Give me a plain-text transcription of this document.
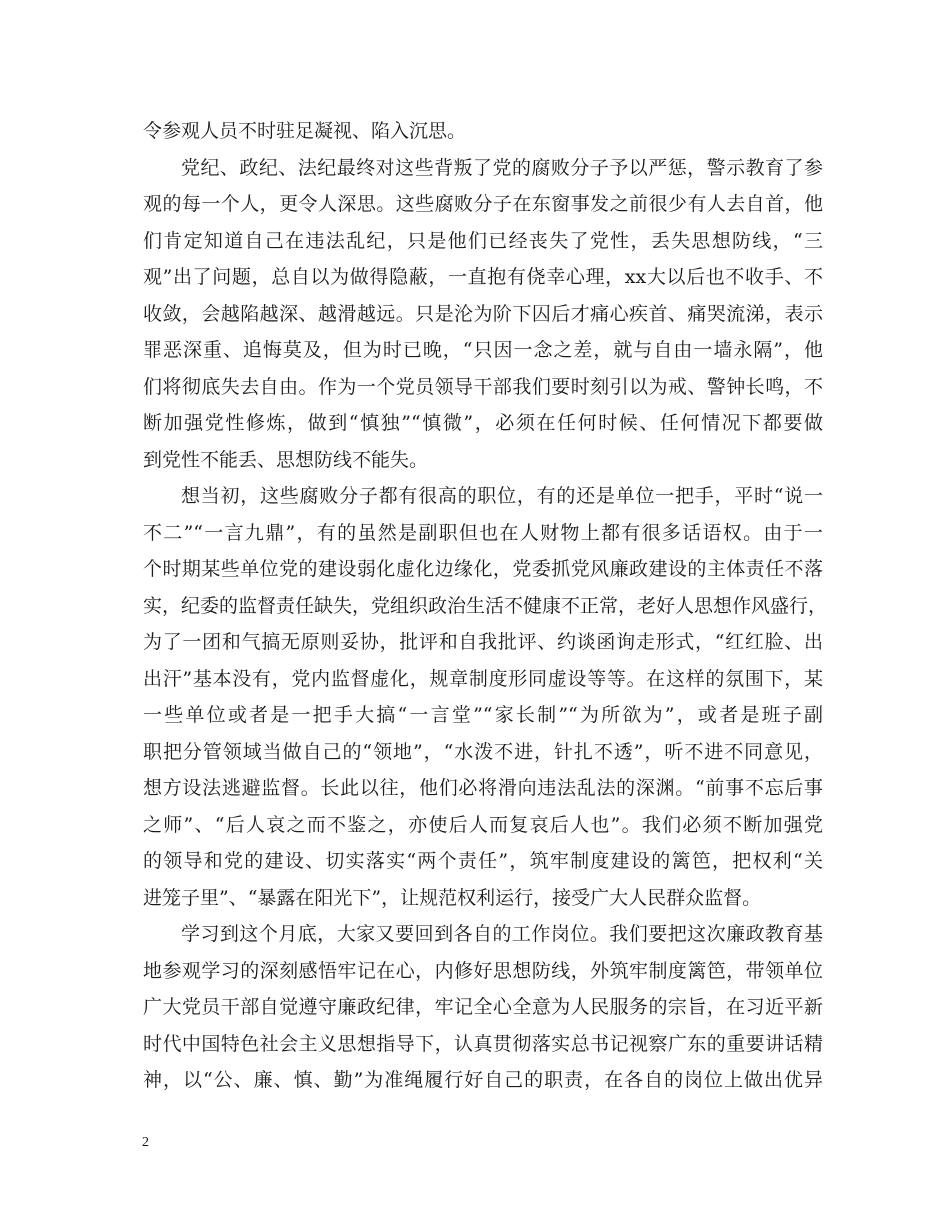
令参观人员不时驻足凝视、陷入沉思。
党纪、政纪、法纪最终对这些背叛了党的腐败分子予以严惩，警示教育了参
观的每一个人，更令人深思。这些腐败分子在东窗事发之前很少有人去自首，他
们肯定知道自己在违法乱纪，只是他们已经丧失了党性，丢失思想防线，“三
观”出了问题，总自以为做得隐蔽，一直抱有侥幸心理，xx大以后也不收手、不
收敛，会越陷越深、越滑越远。只是沦为阶下囚后才痛心疾首、痛哭流涕，表示
罪恶深重、追悔莫及，但为时已晚，“只因一念之差，就与自由一墙永隔”，他
们将彻底失去自由。作为一个党员领导干部我们要时刻引以为戒、警钟长鸣，不
断加强党性修炼，做到“慎独”“慎微”，必须在任何时候、任何情况下都要做
到党性不能丢、思想防线不能失。
想当初，这些腐败分子都有很高的职位，有的还是单位一把手，平时“说一
不二”“一言九鼎”，有的虽然是副职但也在人财物上都有很多话语权。由于一
个时期某些单位党的建设弱化虚化边缘化，党委抓党风廉政建设的主体责任不落
实，纪委的监督责任缺失，党组织政治生活不健康不正常，老好人思想作风盛行，
为了一团和气搞无原则妥协，批评和自我批评、约谈函询走形式，“红红脸、出
出汗”基本没有，党内监督虚化，规章制度形同虚设等等。在这样的氛围下，某
一些单位或者是一把手大搞“一言堂”“家长制”“为所欲为”，或者是班子副
职把分管领域当做自己的“领地”，“水泼不进，针扎不透”，听不进不同意见，
想方设法逃避监督。长此以往，他们必将滑向违法乱法的深渊。“前事不忘后事
之师”、“后人哀之而不鉴之，亦使后人而复哀后人也”。我们必须不断加强党
的领导和党的建设、切实落实“两个责任”，筑牢制度建设的篱笆，把权利“关
进笼子里”、“暴露在阳光下”，让规范权利运行，接受广大人民群众监督。
学习到这个月底，大家又要回到各自的工作岗位。我们要把这次廉政教育基
地参观学习的深刻感悟牢记在心，内修好思想防线，外筑牢制度篱笆，带领单位
广大党员干部自觉遵守廉政纪律，牢记全心全意为人民服务的宗旨，在习近平新
时代中国特色社会主义思想指导下，认真贯彻落实总书记视察广东的重要讲话精
神，以“公、廉、慎、勤”为准绳履行好自己的职责，在各自的岗位上做出优异
2
